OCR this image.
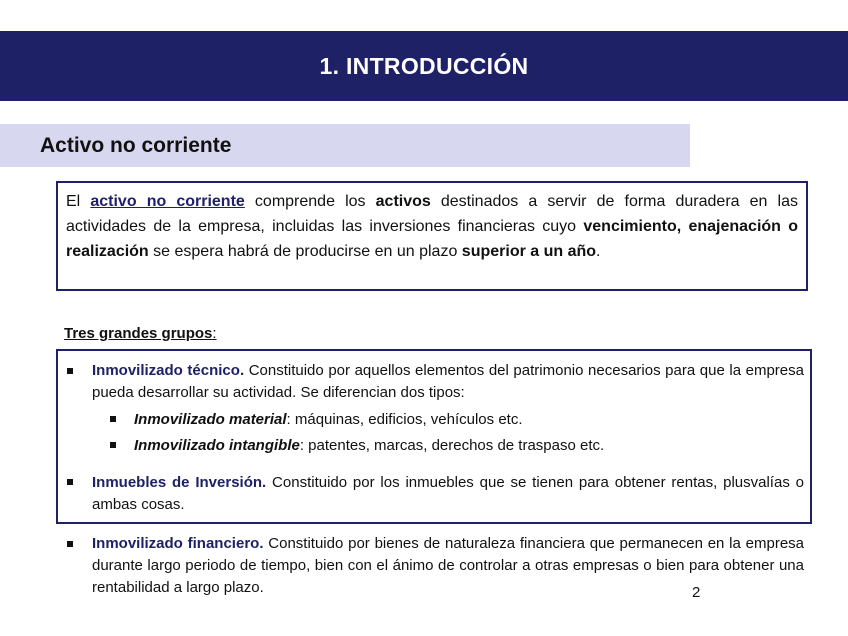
1. INTRODUCCIÓN
Activo no corriente
El activo no corriente comprende los activos destinados a servir de forma duradera en las actividades de la empresa, incluidas las inversiones financieras cuyo vencimiento, enajenación o realización se espera habrá de producirse en un plazo superior a un año.
Tres grandes grupos:
Inmovilizado técnico. Constituido por aquellos elementos del patrimonio necesarios para que la empresa pueda desarrollar su actividad. Se diferencian dos tipos:
Inmovilizado material: máquinas, edificios, vehículos etc.
Inmovilizado intangible: patentes, marcas, derechos de traspaso etc.
Inmuebles de Inversión. Constituido por los inmuebles que se tienen para obtener rentas, plusvalías o ambas cosas.
Inmovilizado financiero. Constituido por bienes de naturaleza financiera que permanecen en la empresa durante largo periodo de tiempo, bien con el ánimo de controlar a otras empresas o bien para obtener una rentabilidad a largo plazo.	2
